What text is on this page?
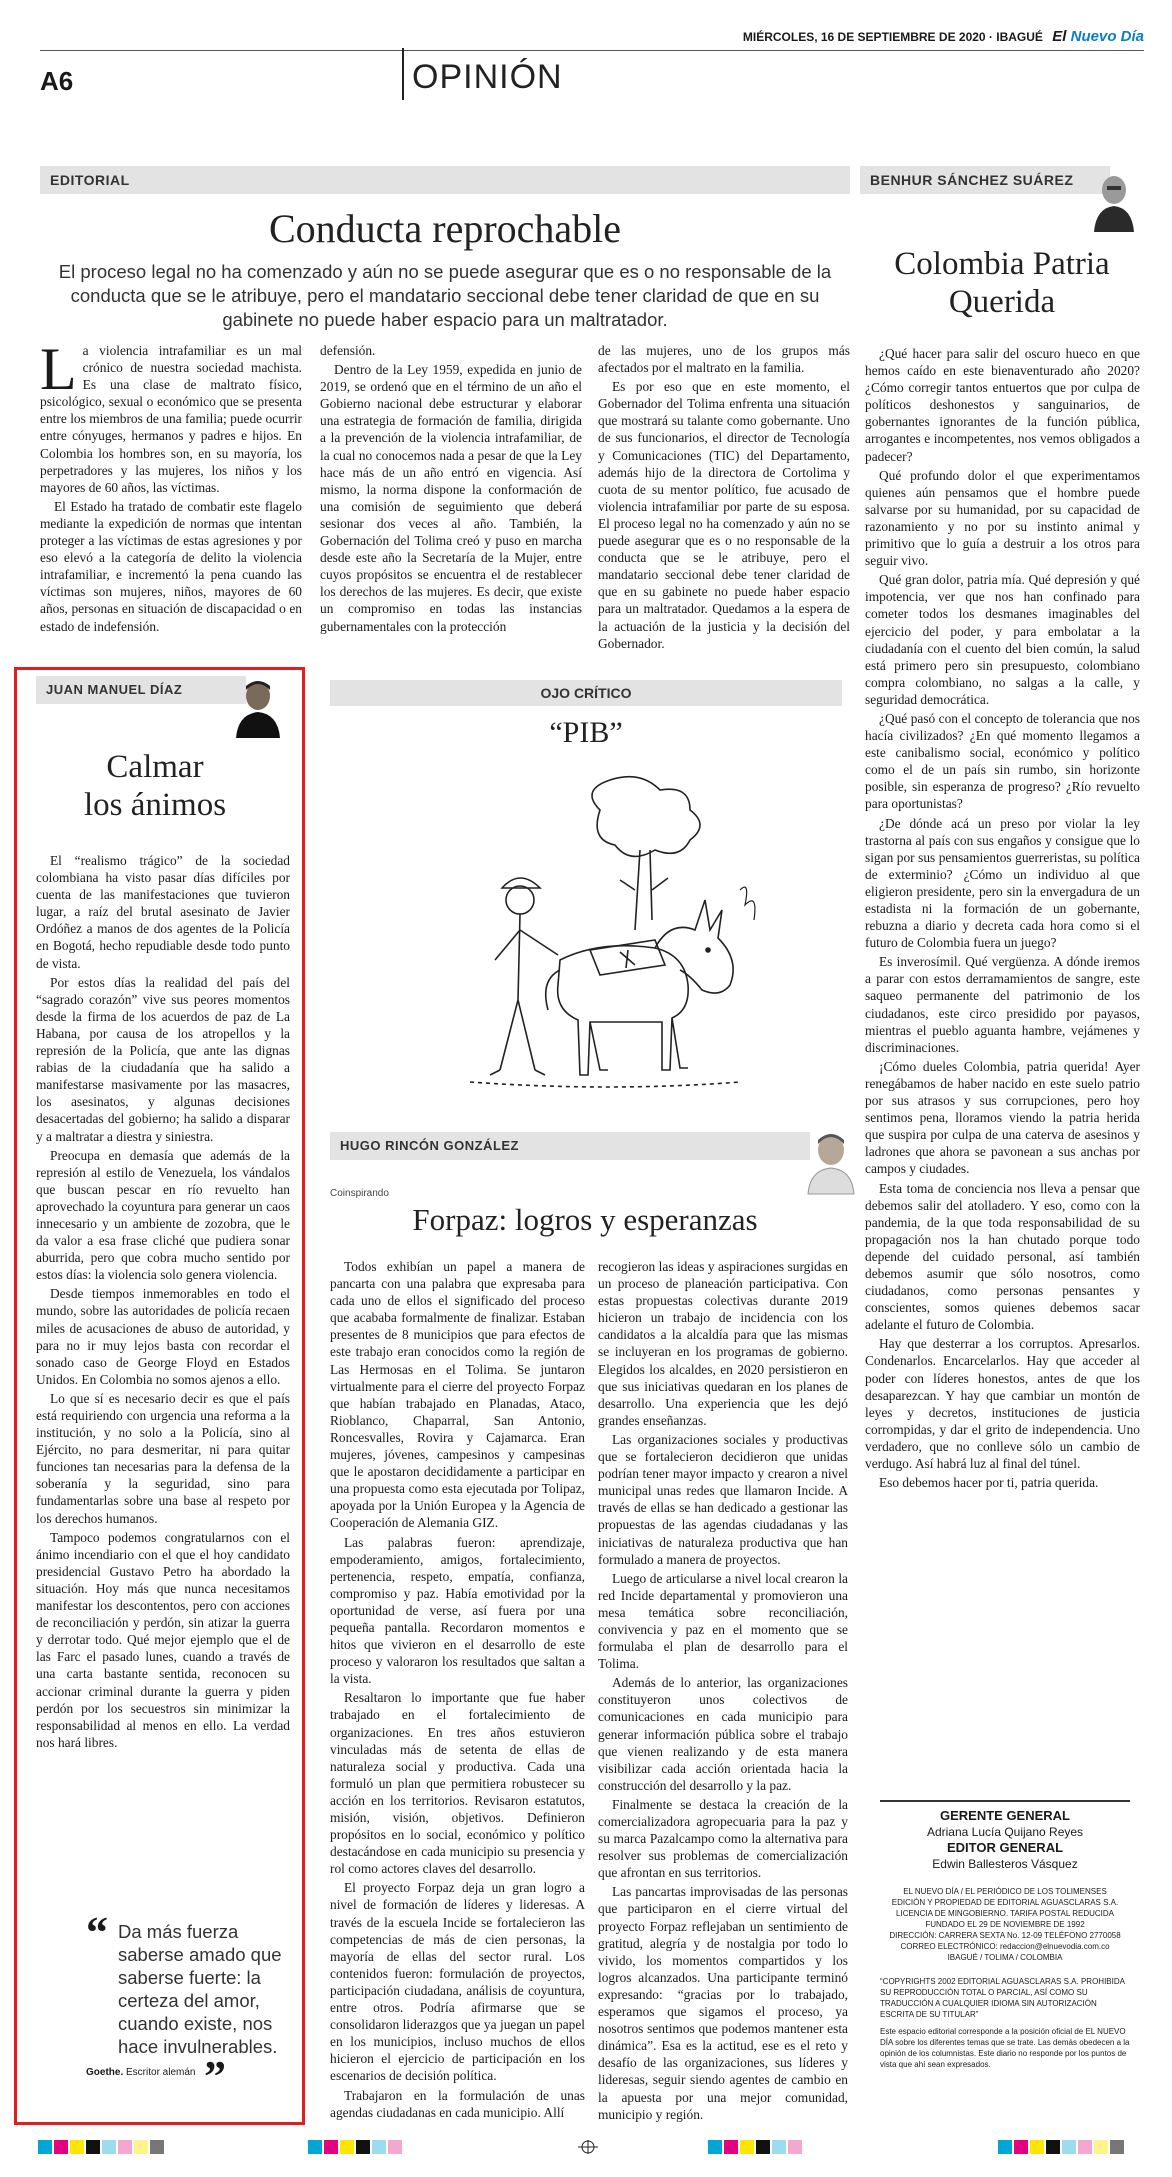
MIÉRCOLES, 16 DE SEPTIEMBRE DE 2020 · IBAGUÉ El Nuevo Día
A6	OPINIÓN
EDITORIAL
Conducta reprochable
El proceso legal no ha comenzado y aún no se puede asegurar que es o no responsable de la conducta que se le atribuye, pero el mandatario seccional debe tener claridad de que en su gabinete no puede haber espacio para un maltratador.

La violencia intrafamiliar es un mal crónico de nuestra sociedad machista. Es una clase de maltrato físico, psicológico, sexual o económico que se presenta entre los miembros de una familia; puede ocurrir entre cónyuges, hermanos y padres e hijos. En Colombia los hombres son, en su mayoría, los perpetradores y las mujeres, los niños y los mayores de 60 años, las víctimas.

El Estado ha tratado de combatir este flagelo mediante la expedición de normas que intentan proteger a las víctimas de estas agresiones y por eso elevó a la categoría de delito la violencia intrafamiliar, e incrementó la pena cuando las víctimas son mujeres, niños, mayores de 60 años, personas en situación de discapacidad o en estado de indefensión.

defensión.

Dentro de la Ley 1959, expedida en junio de 2019, se ordenó que en el término de un año el Gobierno nacional debe estructurar y elaborar una estrategia de formación de familia, dirigida a la prevención de la violencia intrafamiliar, de la cual no conocemos nada a pesar de que la Ley hace más de un año entró en vigencia. Así mismo, la norma dispone la conformación de una comisión de seguimiento que deberá sesionar dos veces al año. También, la Gobernación del Tolima creó y puso en marcha desde este año la Secretaría de la Mujer, entre cuyos propósitos se encuentra el de restablecer los derechos de las mujeres. Es decir, que existe un compromiso en todas las instancias gubernamentales con la protección

de las mujeres, uno de los grupos más afectados por el maltrato en la familia.

Es por eso que en este momento, el Gobernador del Tolima enfrenta una situación que mostrará su talante como gobernante. Uno de sus funcionarios, el director de Tecnología y Comunicaciones (TIC) del Departamento, además hijo de la directora de Cortolima y cuota de su mentor político, fue acusado de violencia intrafamiliar por parte de su esposa. El proceso legal no ha comenzado y aún no se puede asegurar que es o no responsable de la conducta que se le atribuye, pero el mandatario seccional debe tener claridad de que en su gabinete no puede haber espacio para un maltratador. Quedamos a la espera de la actuación de la justicia y la decisión del Gobernador.

BENHUR SÁNCHEZ SUÁREZ
Colombia Patria
Querida

¿Qué hacer para salir del oscuro hueco en que hemos caído en este bienaventurado año 2020? ¿Cómo corregir tantos entuertos que por culpa de políticos deshonestos y sanguinarios, de gobernantes ignorantes de la función pública, arrogantes e incompetentes, nos vemos obligados a padecer?

Qué profundo dolor el que experimentamos quienes aún pensamos que el hombre puede salvarse por su humanidad, por su capacidad de razonamiento y no por su instinto animal y primitivo que lo guía a destruir a los otros para seguir vivo.

Qué gran dolor, patria mía. Qué depresión y qué impotencia, ver que nos han confinado para cometer todos los desmanes imaginables del ejercicio del poder, y para embolatar a la ciudadanía con el cuento del bien común, la salud está primero pero sin presupuesto, colombiano compra colombiano, no salgas a la calle, y seguridad democrática.

¿Qué pasó con el concepto de tolerancia que nos hacía civilizados? ¿En qué momento llegamos a este canibalismo social, económico y político como el de un país sin rumbo, sin horizonte posible, sin esperanza de progreso? ¿Río revuelto para oportunistas?

¿De dónde acá un preso por violar la ley trastorna al país con sus engaños y consigue que lo sigan por sus pensamientos guerreristas, su política de exterminio? ¿Cómo un individuo al que eligieron presidente, pero sin la envergadura de un estadista ni la formación de un gobernante, rebuzna a diario y decreta cada hora como si el futuro de Colombia fuera un juego?

Es inverosímil. Qué vergüenza. A dónde iremos a parar con estos derramamientos de sangre, este saqueo permanente del patrimonio de los ciudadanos, este circo presidido por payasos, mientras el pueblo aguanta hambre, vejámenes y discriminaciones.

¡Cómo dueles Colombia, patria querida! Ayer renegábamos de haber nacido en este suelo patrio por sus atrasos y sus corrupciones, pero hoy sentimos pena, lloramos viendo la patria herida que suspira por culpa de una caterva de asesinos y ladrones que ahora se pavonean a sus anchas por campos y ciudades.

Esta toma de conciencia nos lleva a pensar que debemos salir del atolladero. Y eso, como con la pandemia, de la que toda responsabilidad de su propagación nos la han chutado porque todo depende del cuidado personal, así también debemos asumir que sólo nosotros, como ciudadanos, como personas pensantes y conscientes, somos quienes debemos sacar adelante el futuro de Colombia.

Hay que desterrar a los corruptos. Apresarlos. Condenarlos. Encarcelarlos. Hay que acceder al poder con líderes honestos, antes de que los desaparezcan. Y hay que cambiar un montón de leyes y decretos, instituciones de justicia corrompidas, y dar el grito de independencia. Uno verdadero, que no conlleve sólo un cambio de verdugo. Así habrá luz al final del túnel.

Eso debemos hacer por ti, patria querida.

GERENTE GENERAL
Adriana Lucía Quijano Reyes
EDITOR GENERAL
Edwin Ballesteros Vásquez
EL NUEVO DÍA / EL PERIÓDICO DE LOS TOLIMENSES
EDICIÓN Y PROPIEDAD DE EDITORIAL AGUASCLARAS S.A.
LICENCIA DE MINGOBIERNO. TARIFA POSTAL REDUCIDA
FUNDADO EL 29 DE NOVIEMBRE DE 1992
DIRECCIÓN: CARRERA SEXTA No. 12-09 TELÉFONO 2770058
CORREO ELECTRÓNICO: redaccion@elnuevodia.com.co
IBAGUÉ / TOLIMA / COLOMBIA
“COPYRIGHTS 2002 EDITORIAL AGUASCLARAS S.A. PROHIBIDA SU REPRODUCCIÓN TOTAL O PARCIAL, ASÍ COMO SU TRADUCCIÓN A CUALQUIER IDIOMA SIN AUTORIZACIÓN ESCRITA DE SU TITULAR”
Este espacio editorial corresponde a la posición oficial de EL NUEVO DÍA sobre los diferentes temas que se trate. Las demás obedecen a la opinión de los columnistas. Este diario no responde por los puntos de vista que ahí sean expresados.
JUAN MANUEL DÍAZ
Calmar
los ánimos

El “realismo trágico” de la sociedad colombiana ha visto pasar días difíciles por cuenta de las manifestaciones que tuvieron lugar, a raíz del brutal asesinato de Javier Ordóñez a manos de dos agentes de la Policía en Bogotá, hecho repudiable desde todo punto de vista.

Por estos días la realidad del país del “sagrado corazón” vive sus peores momentos desde la firma de los acuerdos de paz de La Habana, por causa de los atropellos y la represión de la Policía, que ante las dignas rabias de la ciudadanía que ha salido a manifestarse masivamente por las masacres, los asesinatos, y algunas decisiones desacertadas del gobierno; ha salido a disparar y a maltratar a diestra y siniestra.

Preocupa en demasía que además de la represión al estilo de Venezuela, los vándalos que buscan pescar en río revuelto han aprovechado la coyuntura para generar un caos innecesario y un ambiente de zozobra, que le da valor a esa frase cliché que pudiera sonar aburrida, pero que cobra mucho sentido por estos días: la violencia solo genera violencia.

Desde tiempos inmemorables en todo el mundo, sobre las autoridades de policía recaen miles de acusaciones de abuso de autoridad, y para no ir muy lejos basta con recordar el sonado caso de George Floyd en Estados Unidos. En Colombia no somos ajenos a ello.

Lo que sí es necesario decir es que el país está requiriendo con urgencia una reforma a la institución, y no solo a la Policía, sino al Ejército, no para desmeritar, ni para quitar funciones tan necesarias para la defensa de la soberanía y la seguridad, sino para fundamentarlas sobre una base al respeto por los derechos humanos.

Tampoco podemos congratularnos con el ánimo incendiario con el que el hoy candidato presidencial Gustavo Petro ha abordado la situación. Hoy más que nunca necesitamos manifestar los descontentos, pero con acciones de reconciliación y perdón, sin atizar la guerra y derrotar todo. Qué mejor ejemplo que el de las Farc el pasado lunes, cuando a través de una carta bastante sentida, reconocen su accionar criminal durante la guerra y piden perdón por los secuestros sin minimizar la responsabilidad al menos en ello. La verdad nos hará libres.

“ Da más fuerza saberse amado que saberse fuerte: la certeza del amor, cuando existe, nos hace invulnerables.
Goethe. Escritor alemán ”
OJO CRÍTICO
“PIB”
HUGO RINCÓN GONZÁLEZ
Coinspirando
Forpaz: logros y esperanzas

Todos exhibían un papel a manera de pancarta con una palabra que expresaba para cada uno de ellos el significado del proceso que acababa formalmente de finalizar. Estaban presentes de 8 municipios que para efectos de este trabajo eran conocidos como la región de Las Hermosas en el Tolima. Se juntaron virtualmente para el cierre del proyecto Forpaz que habían trabajado en Planadas, Ataco, Rioblanco, Chaparral, San Antonio, Roncesvalles, Rovira y Cajamarca. Eran mujeres, jóvenes, campesinos y campesinas que le apostaron decididamente a participar en una propuesta como esta ejecutada por Tolipaz, apoyada por la Unión Europea y la Agencia de Cooperación de Alemania GIZ.

Las palabras fueron: aprendizaje, empoderamiento, amigos, fortalecimiento, pertenencia, respeto, empatía, confianza, compromiso y paz. Había emotividad por la oportunidad de verse, así fuera por una pequeña pantalla. Recordaron momentos e hitos que vivieron en el desarrollo de este proceso y valoraron los resultados que saltan a la vista.

Resaltaron lo importante que fue haber trabajado en el fortalecimiento de organizaciones. En tres años estuvieron vinculadas más de setenta de ellas de naturaleza social y productiva. Cada una formuló un plan que permitiera robustecer su acción en los territorios. Revisaron estatutos, misión, visión, objetivos. Definieron propósitos en lo social, económico y político destacándose en cada municipio su presencia y rol como actores claves del desarrollo.

El proyecto Forpaz deja un gran logro a nivel de formación de líderes y lideresas. A través de la escuela Incide se fortalecieron las competencias de más de cien personas, la mayoría de ellas del sector rural. Los contenidos fueron: formulación de proyectos, participación ciudadana, análisis de coyuntura, entre otros. Podría afirmarse que se consolidaron liderazgos que ya juegan un papel en los municipios, incluso muchos de ellos hicieron el ejercicio de participación en los escenarios de decisión política.

Trabajaron en la formulación de unas agendas ciudadanas en cada municipio. Allí

recogieron las ideas y aspiraciones surgidas en un proceso de planeación participativa. Con estas propuestas colectivas durante 2019 hicieron un trabajo de incidencia con los candidatos a la alcaldía para que las mismas se incluyeran en los programas de gobierno. Elegidos los alcaldes, en 2020 persistieron en que sus iniciativas quedaran en los planes de desarrollo. Una experiencia que les dejó grandes enseñanzas.

Las organizaciones sociales y productivas que se fortalecieron decidieron que unidas podrían tener mayor impacto y crearon a nivel municipal unas redes que llamaron Incide. A través de ellas se han dedicado a gestionar las propuestas de las agendas ciudadanas y las iniciativas de naturaleza productiva que han formulado a manera de proyectos.

Luego de articularse a nivel local crearon la red Incide departamental y promovieron una mesa temática sobre reconciliación, convivencia y paz en el momento que se formulaba el plan de desarrollo para el Tolima.

Además de lo anterior, las organizaciones constituyeron unos colectivos de comunicaciones en cada municipio para generar información pública sobre el trabajo que vienen realizando y de esta manera visibilizar cada acción orientada hacia la construcción del desarrollo y la paz.

Finalmente se destaca la creación de la comercializadora agropecuaria para la paz y su marca Pazalcampo como la alternativa para resolver sus problemas de comercialización que afrontan en sus territorios.

Las pancartas improvisadas de las personas que participaron en el cierre virtual del proyecto Forpaz reflejaban un sentimiento de gratitud, alegría y de nostalgia por todo lo vivido, los momentos compartidos y los logros alcanzados. Una participante terminó expresando: “gracias por lo trabajado, esperamos que sigamos el proceso, ya nosotros sentimos que podemos mantener esta dinámica”. Esa es la actitud, ese es el reto y desafío de las organizaciones, sus líderes y lideresas, seguir siendo agentes de cambio en la apuesta por una mejor comunidad, municipio y región.
